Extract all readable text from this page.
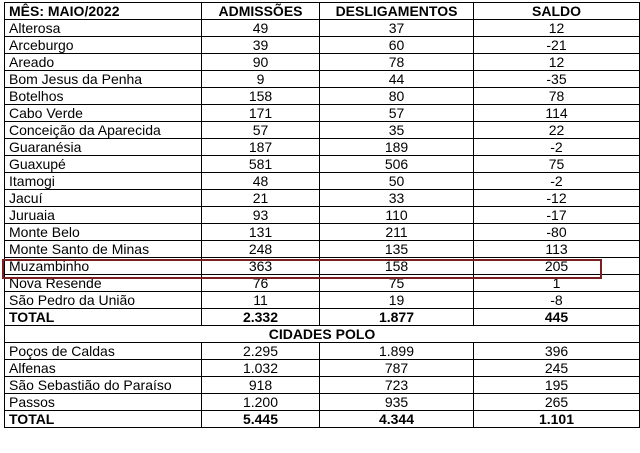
MÊS: MAIO/2022	ADMISSÕES	DESLIGAMENTOS	SALDO
Alterosa	49	37	12
Arceburgo	39	60	-21
Areado	90	78	12
Bom Jesus da Penha	9	44	-35
Botelhos	158	80	78
Cabo Verde	171	57	114
Conceição da Aparecida	57	35	22
Guaranésia	187	189	-2
Guaxupé	581	506	75
Itamogi	48	50	-2
Jacuí	21	33	-12
Juruaia	93	110	-17
Monte Belo	131	211	-80
Monte Santo de Minas	248	135	113
Muzambinho	363	158	205
Nova Resende	76	75	1
São Pedro da União	11	19	-8
TOTAL	2.332	1.877	445
CIDADES POLO			
Poços de Caldas	2.295	1.899	396
Alfenas	1.032	787	245
São Sebastião do Paraíso	918	723	195
Passos	1.200	935	265
TOTAL	5.445	4.344	1.101
